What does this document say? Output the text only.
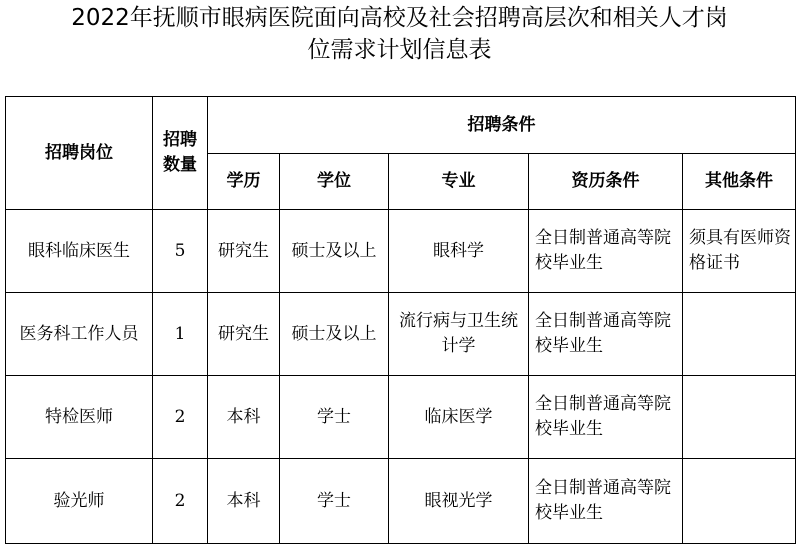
2022年抚顺市眼病医院面向高校及社会招聘高层次和相关人才岗
位需求计划信息表
招聘岗位	招聘数量	招聘条件				
		学历	学位	专业	资历条件	其他条件
眼科临床医生	5	研究生	硕士及以上	眼科学	全日制普通高等院校毕业生	须具有医师资格证书
医务科工作人员	1	研究生	硕士及以上	流行病与卫生统计学	全日制普通高等院校毕业生	
特检医师	2	本科	学士	临床医学	全日制普通高等院校毕业生	
验光师	2	本科	学士	眼视光学	全日制普通高等院校毕业生	
